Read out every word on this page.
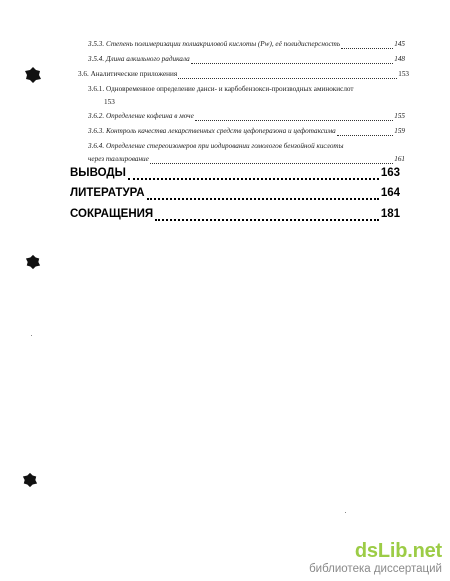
3.5.3. Степень полимеризации полиакриловой кислоты (Pw), её полидисперсность	145
3.5.4. Длина алкильного радикала	148
3.6. Аналитические приложения	153
3.6.1. Одновременное определение данси- и карбобензокси-производных аминокислот
153
3.6.2. Определение кофеина в моче	155
3.6.3. Контроль качества лекарственных средств цефоперазона и цефотаксима	159
3.6.4. Определение стереоизомеров при иодировании гомологов бензойной кислоты
через таллирование	161
ВЫВОДЫ	163
ЛИТЕРАТУРА	164
СОКРАЩЕНИЯ	181
dsLib.net
библиотека диссертаций
